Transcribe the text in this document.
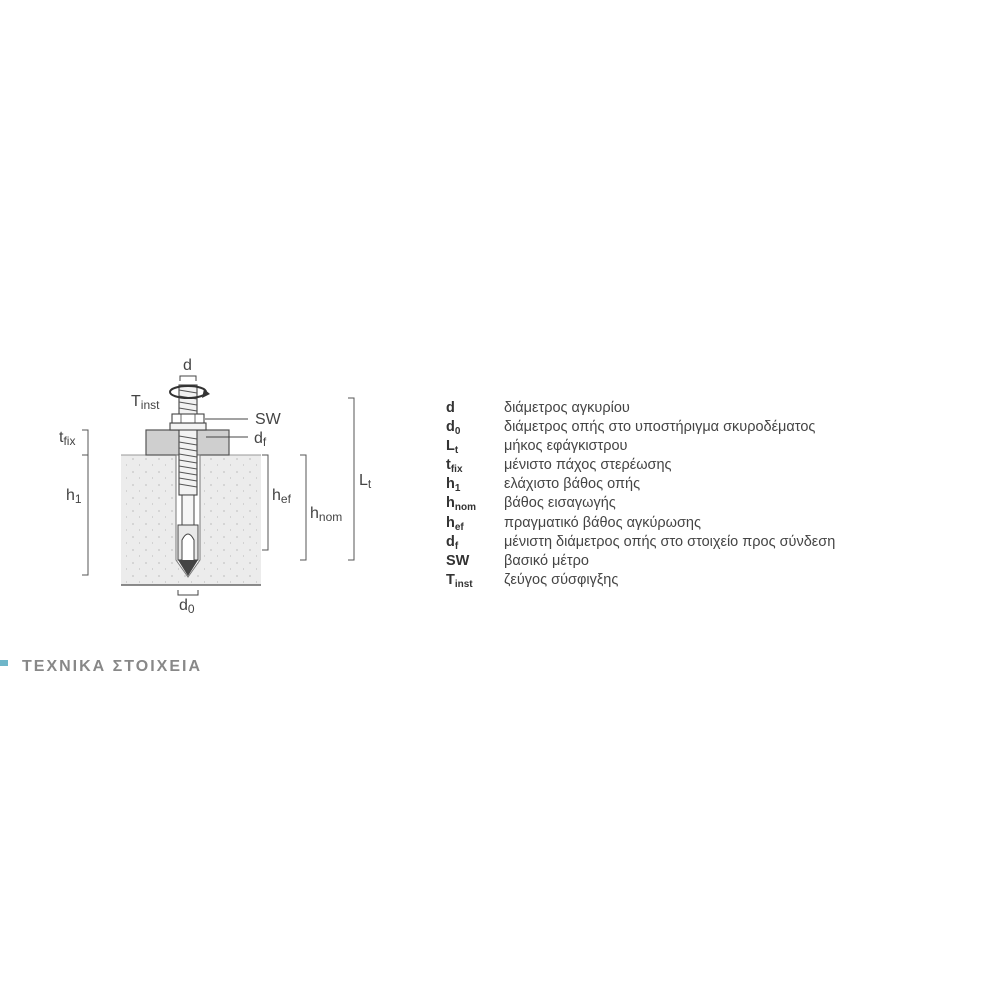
d
Tinst
SW
df
tfix
h1	hef
hnom
Lt
d0
d	διάμετρος αγκυρίου
$d_0$	διάμετρος οπής στο υποστήριγμα σκυροδέματος
$L_t$	μήκος εφάγκιστρου
$t_{fix}$	μένιστο πάχος στερέωσης
$h_1$	ελάχιστο βάθος οπής
$h_{nom}$	βάθος εισαγωγής
$h_{ef}$	πραγματικό βάθος αγκύρωσης
$d_f$	μένιστη διάμετρος οπής στο στοιχείο προς σύνδεση
SW	βασικό μέτρο
$T_{inst}$	ζεύγος σύσφιγξης
ΤΕΧΝΙΚΑ ΣΤΟΙΧΕΙΑ
